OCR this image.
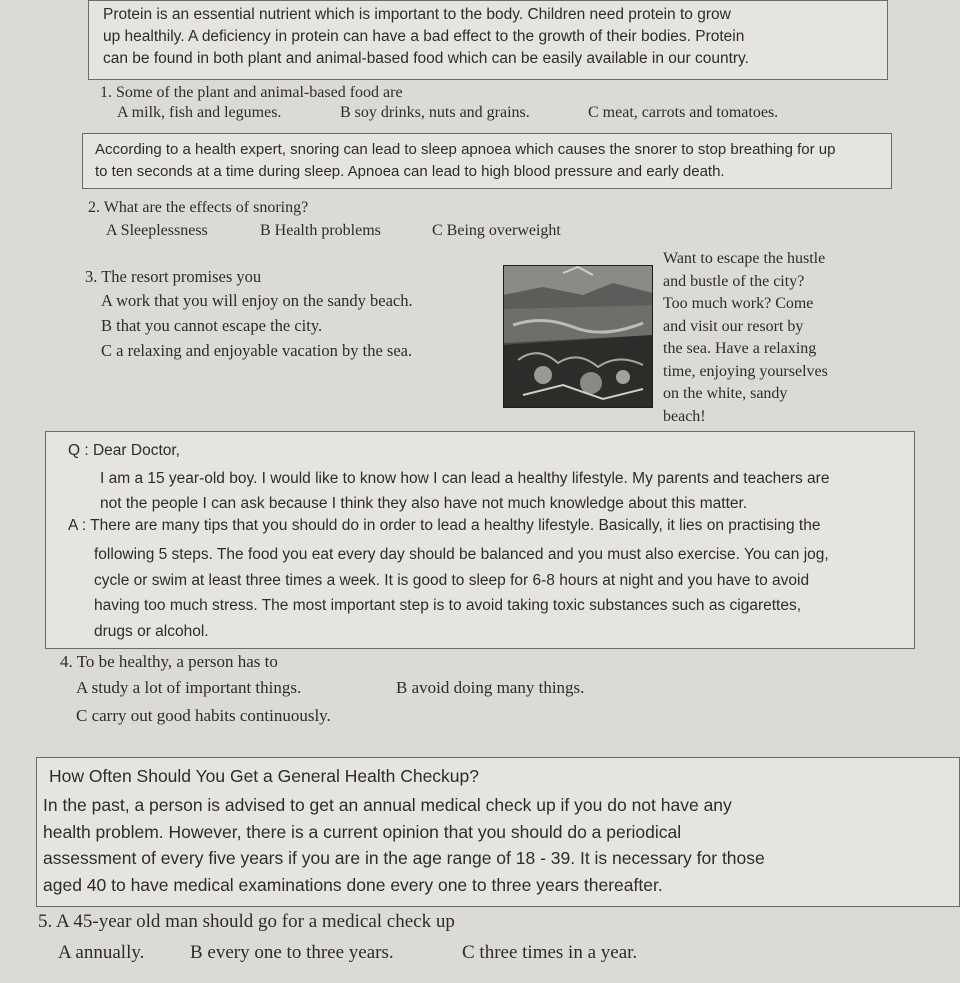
Protein is an essential nutrient which is important to the body. Children need protein to grow
up healthily. A deficiency in protein can have a bad effect to the growth of their bodies. Protein
can be found in both plant and animal-based food which can be easily available in our country.
1. Some of the plant and animal-based food are
A milk, fish and legumes.	B soy drinks, nuts and grains.	C meat, carrots and tomatoes.
According to a health expert, snoring can lead to sleep apnoea which causes the snorer to stop breathing for up
to ten seconds at a time during sleep. Apnoea can lead to high blood pressure and early death.
2. What are the effects of snoring?
A Sleeplessness	B Health problems	C Being overweight
3. The resort promises you
A work that you will enjoy on the sandy beach.
B that you cannot escape the city.
C a relaxing and enjoyable vacation by the sea.
Want to escape the hustle
and bustle of the city?
Too much work? Come
and visit our resort by
the sea. Have a relaxing
time, enjoying yourselves
on the white, sandy
beach!
Q : Dear Doctor,
I am a 15 year-old boy. I would like to know how I can lead a healthy lifestyle. My parents and teachers are
not the people I can ask because I think they also have not much knowledge about this matter.
A : There are many tips that you should do in order to lead a healthy lifestyle. Basically, it lies on practising the
following 5 steps. The food you eat every day should be balanced and you must also exercise. You can jog,
cycle or swim at least three times a week. It is good to sleep for 6-8 hours at night and you have to avoid
having too much stress. The most important step is to avoid taking toxic substances such as cigarettes,
drugs or alcohol.
4. To be healthy, a person has to
A study a lot of important things.	B avoid doing many things.
C carry out good habits continuously.
How Often Should You Get a General Health Checkup?
In the past, a person is advised to get an annual medical check up if you do not have any
health problem. However, there is a current opinion that you should do a periodical
assessment of every five years if you are in the age range of 18 - 39. It is necessary for those
aged 40 to have medical examinations done every one to three years thereafter.
5. A 45-year old man should go for a medical check up
A annually. B every one to three years.	C three times in a year.
